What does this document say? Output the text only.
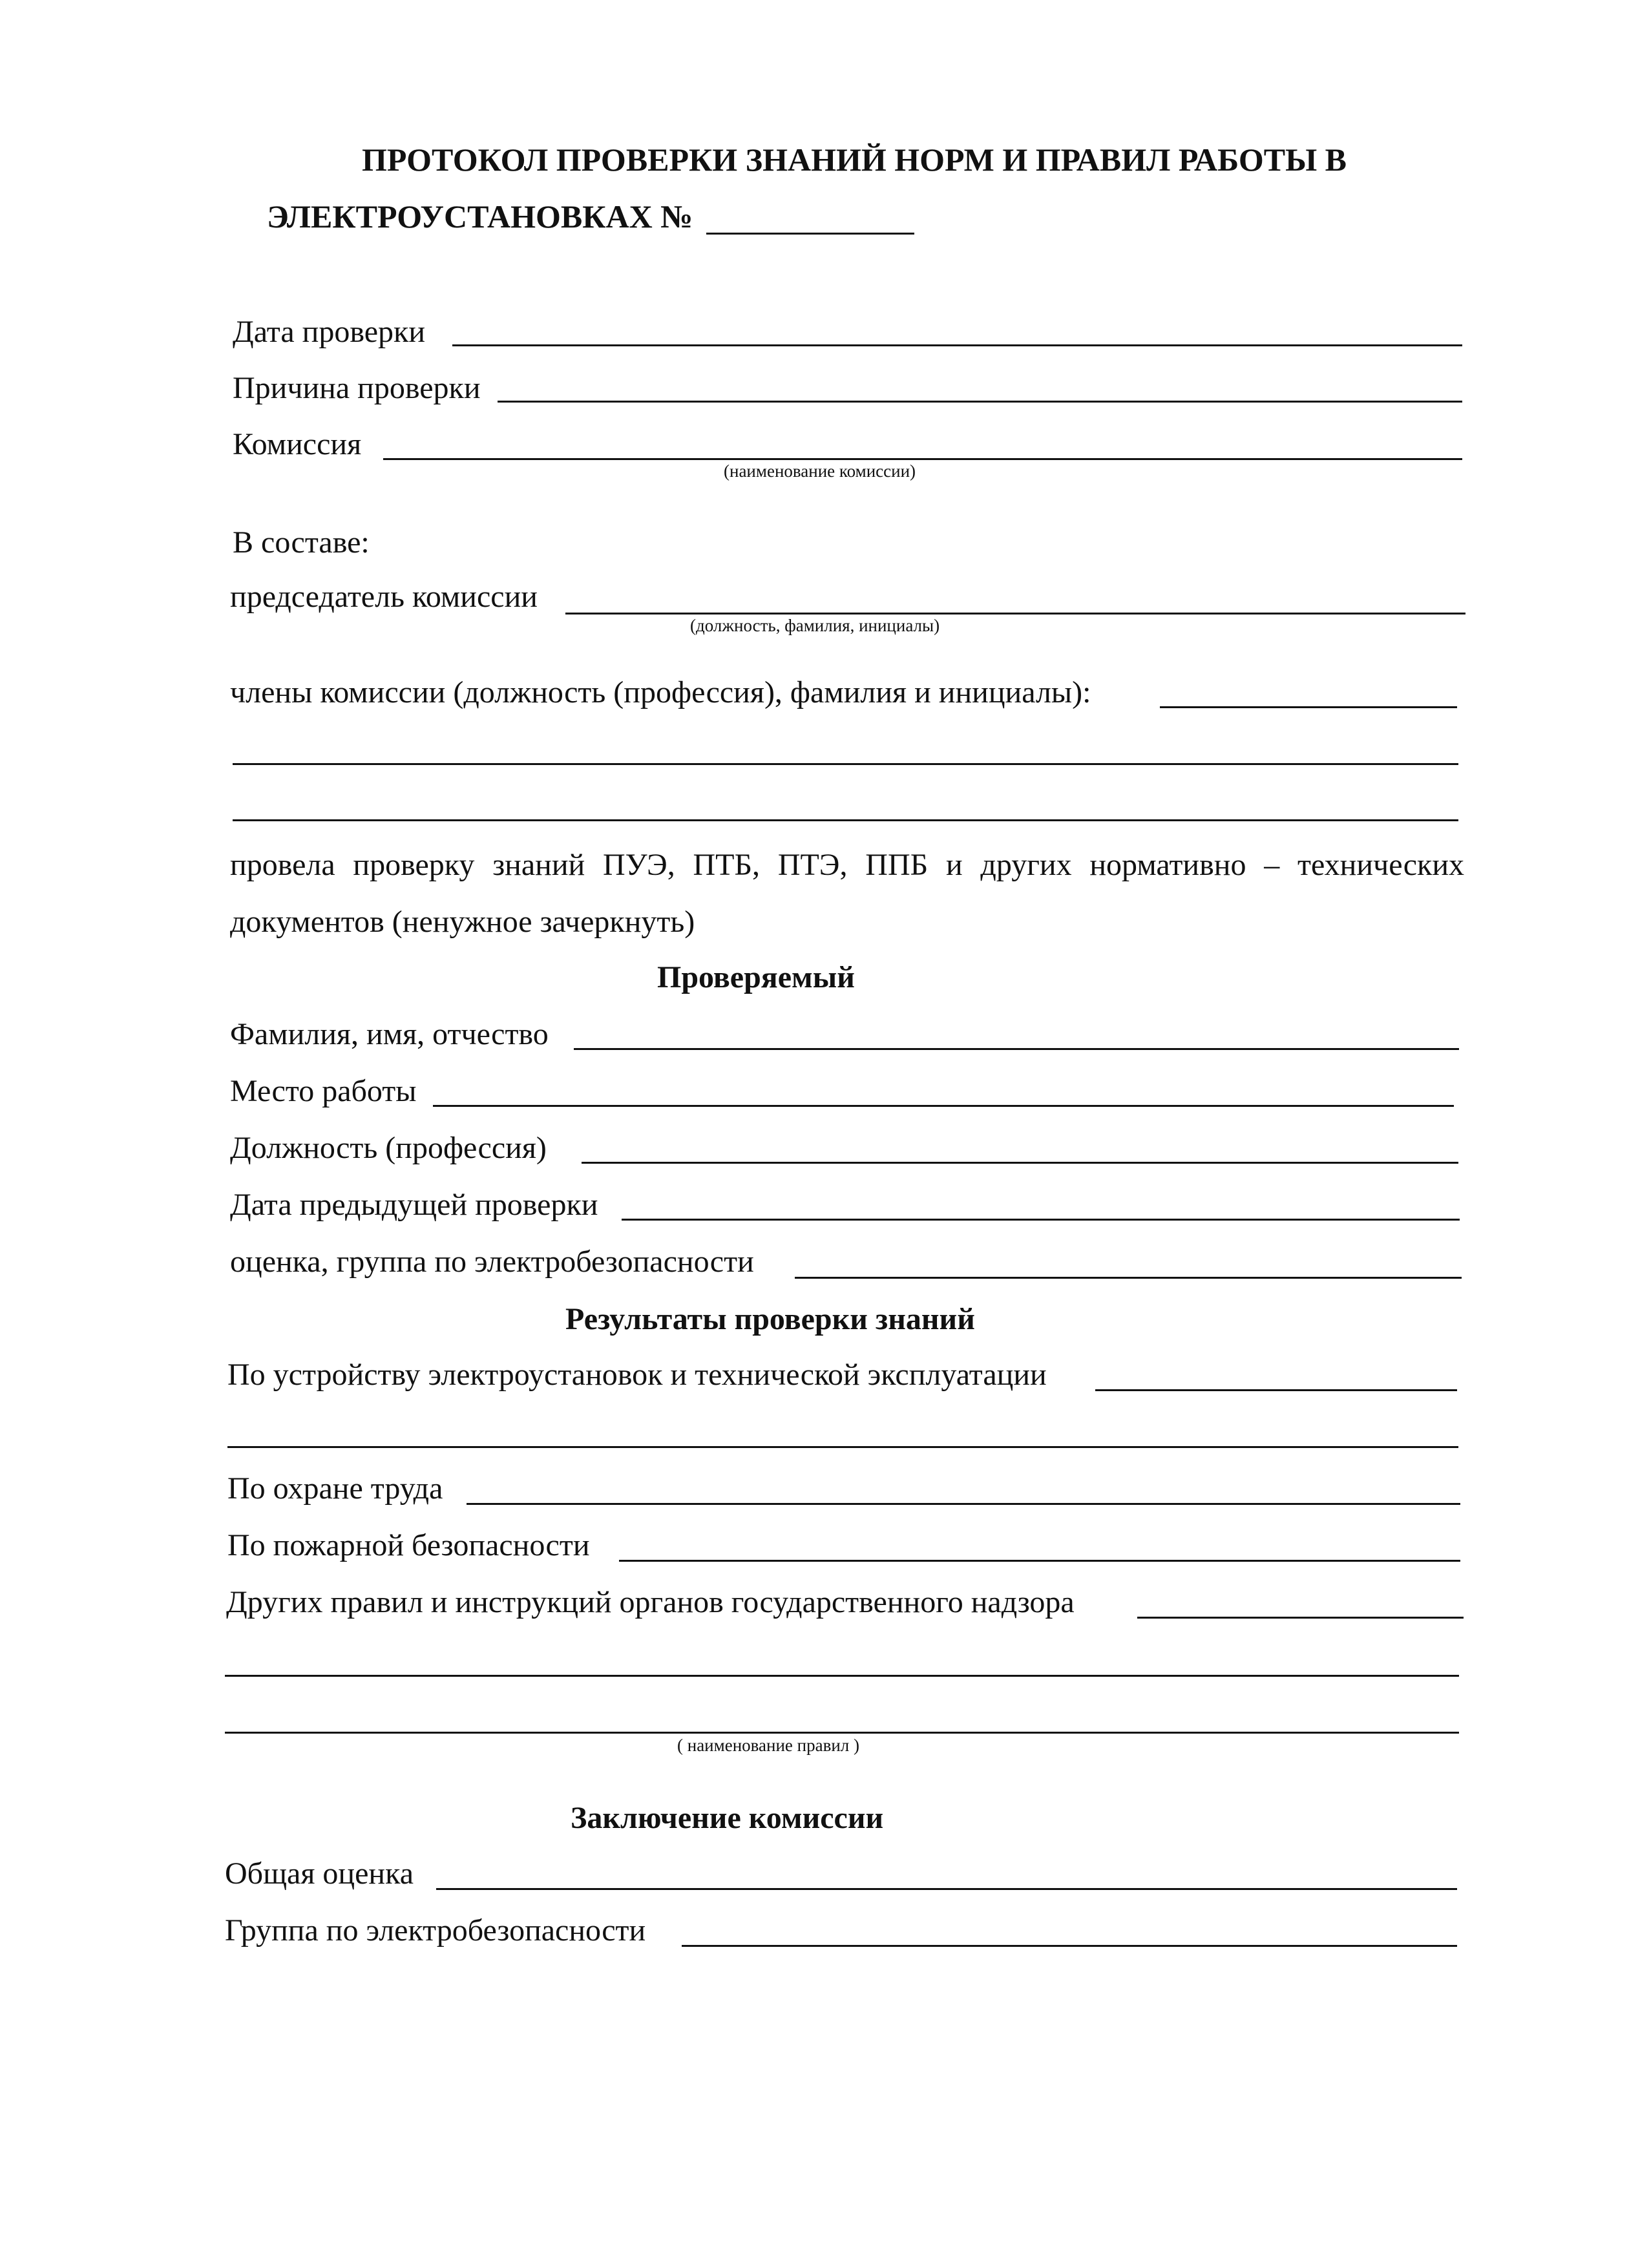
ПРОТОКОЛ ПРОВЕРКИ ЗНАНИЙ НОРМ И ПРАВИЛ РАБОТЫ В
ЭЛЕКТРОУСТАНОВКАХ №
Дата проверки
Причина проверки
Комиссия
(наименование комиссии)
В составе:
председатель комиссии
(должность, фамилия, инициалы)
члены комиссии (должность (профессия), фамилия и инициалы):
провела проверку знаний ПУЭ, ПТБ, ПТЭ, ППБ и других нормативно – технических
документов (ненужное зачеркнуть)
Проверяемый
Фамилия, имя, отчество
Место работы
Должность (профессия)
Дата предыдущей проверки
оценка, группа по электробезопасности
Результаты проверки знаний
По устройству электроустановок и технической эксплуатации
По охране труда
По пожарной безопасности
Других правил и инструкций органов государственного надзора
( наименование правил )
Заключение комиссии
Общая оценка
Группа по электробезопасности
